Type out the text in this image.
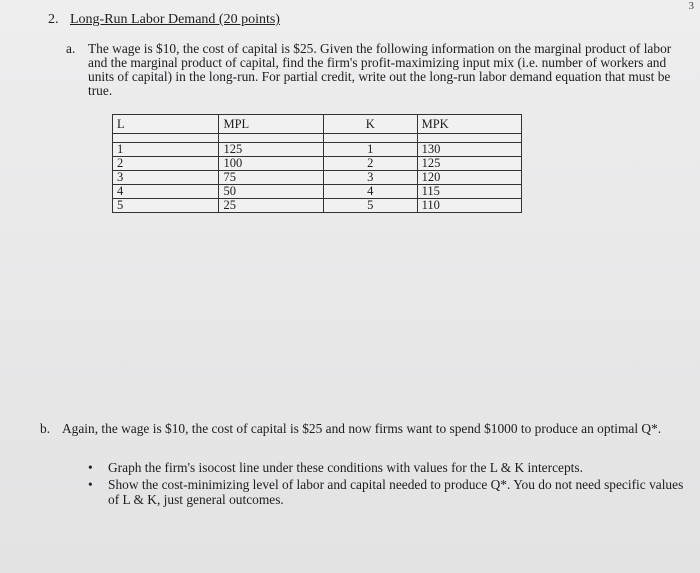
3
2. Long-Run Labor Demand (20 points)
a. The wage is $10, the cost of capital is $25. Given the following information on the marginal product of labor and the marginal product of capital, find the firm's profit-maximizing input mix (i.e. number of workers and units of capital) in the long-run. For partial credit, write out the long-run labor demand equation that must be true.
L	MPL	K	MPK

1	125	1	130
2	100	2	125
3	75	3	120
4	50	4	115
5	25	5	110
b. Again, the wage is $10, the cost of capital is $25 and now firms want to spend $1000 to produce an optimal Q*.
• Graph the firm's isocost line under these conditions with values for the L & K intercepts.
• Show the cost-minimizing level of labor and capital needed to produce Q*. You do not need specific values of L & K, just general outcomes.
